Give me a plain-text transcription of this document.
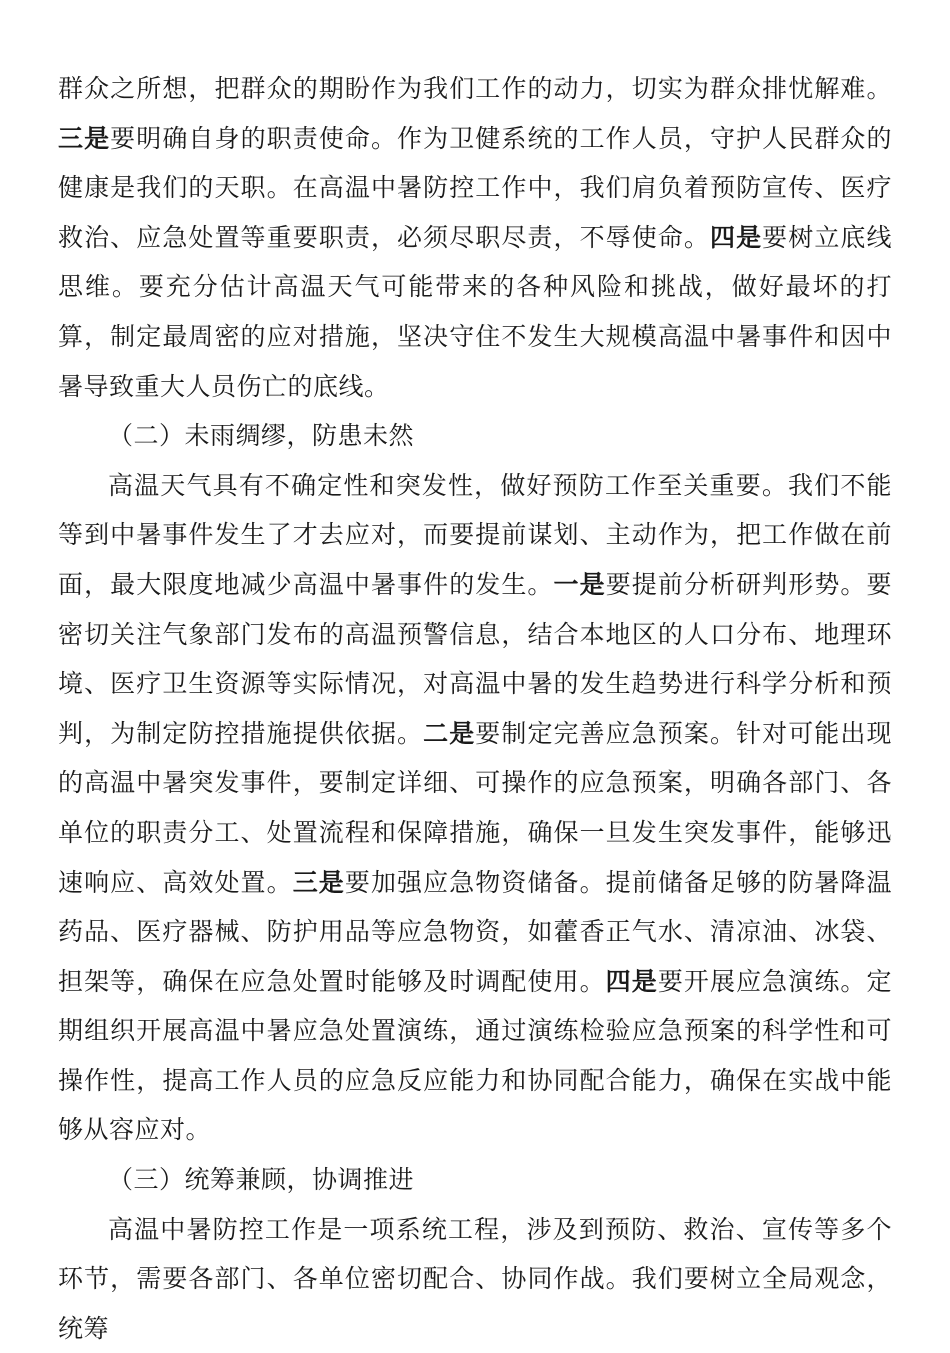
群众之所想，把群众的期盼作为我们工作的动力，切实为群众排忧解难。三是要明确自身的职责使命。作为卫健系统的工作人员，守护人民群众的健康是我们的天职。在高温中暑防控工作中，我们肩负着预防宣传、医疗救治、应急处置等重要职责，必须尽职尽责，不辱使命。四是要树立底线思维。要充分估计高温天气可能带来的各种风险和挑战，做好最坏的打算，制定最周密的应对措施，坚决守住不发生大规模高温中暑事件和因中暑导致重大人员伤亡的底线。

（二）未雨绸缪，防患未然

高温天气具有不确定性和突发性，做好预防工作至关重要。我们不能等到中暑事件发生了才去应对，而要提前谋划、主动作为，把工作做在前面，最大限度地减少高温中暑事件的发生。一是要提前分析研判形势。要密切关注气象部门发布的高温预警信息，结合本地区的人口分布、地理环境、医疗卫生资源等实际情况，对高温中暑的发生趋势进行科学分析和预判，为制定防控措施提供依据。二是要制定完善应急预案。针对可能出现的高温中暑突发事件，要制定详细、可操作的应急预案，明确各部门、各单位的职责分工、处置流程和保障措施，确保一旦发生突发事件，能够迅速响应、高效处置。三是要加强应急物资储备。提前储备足够的防暑降温药品、医疗器械、防护用品等应急物资，如藿香正气水、清凉油、冰袋、担架等，确保在应急处置时能够及时调配使用。四是要开展应急演练。定期组织开展高温中暑应急处置演练，通过演练检验应急预案的科学性和可操作性，提高工作人员的应急反应能力和协同配合能力，确保在实战中能够从容应对。

（三）统筹兼顾，协调推进

高温中暑防控工作是一项系统工程，涉及到预防、救治、宣传等多个环节，需要各部门、各单位密切配合、协同作战。我们要树立全局观念，统筹
